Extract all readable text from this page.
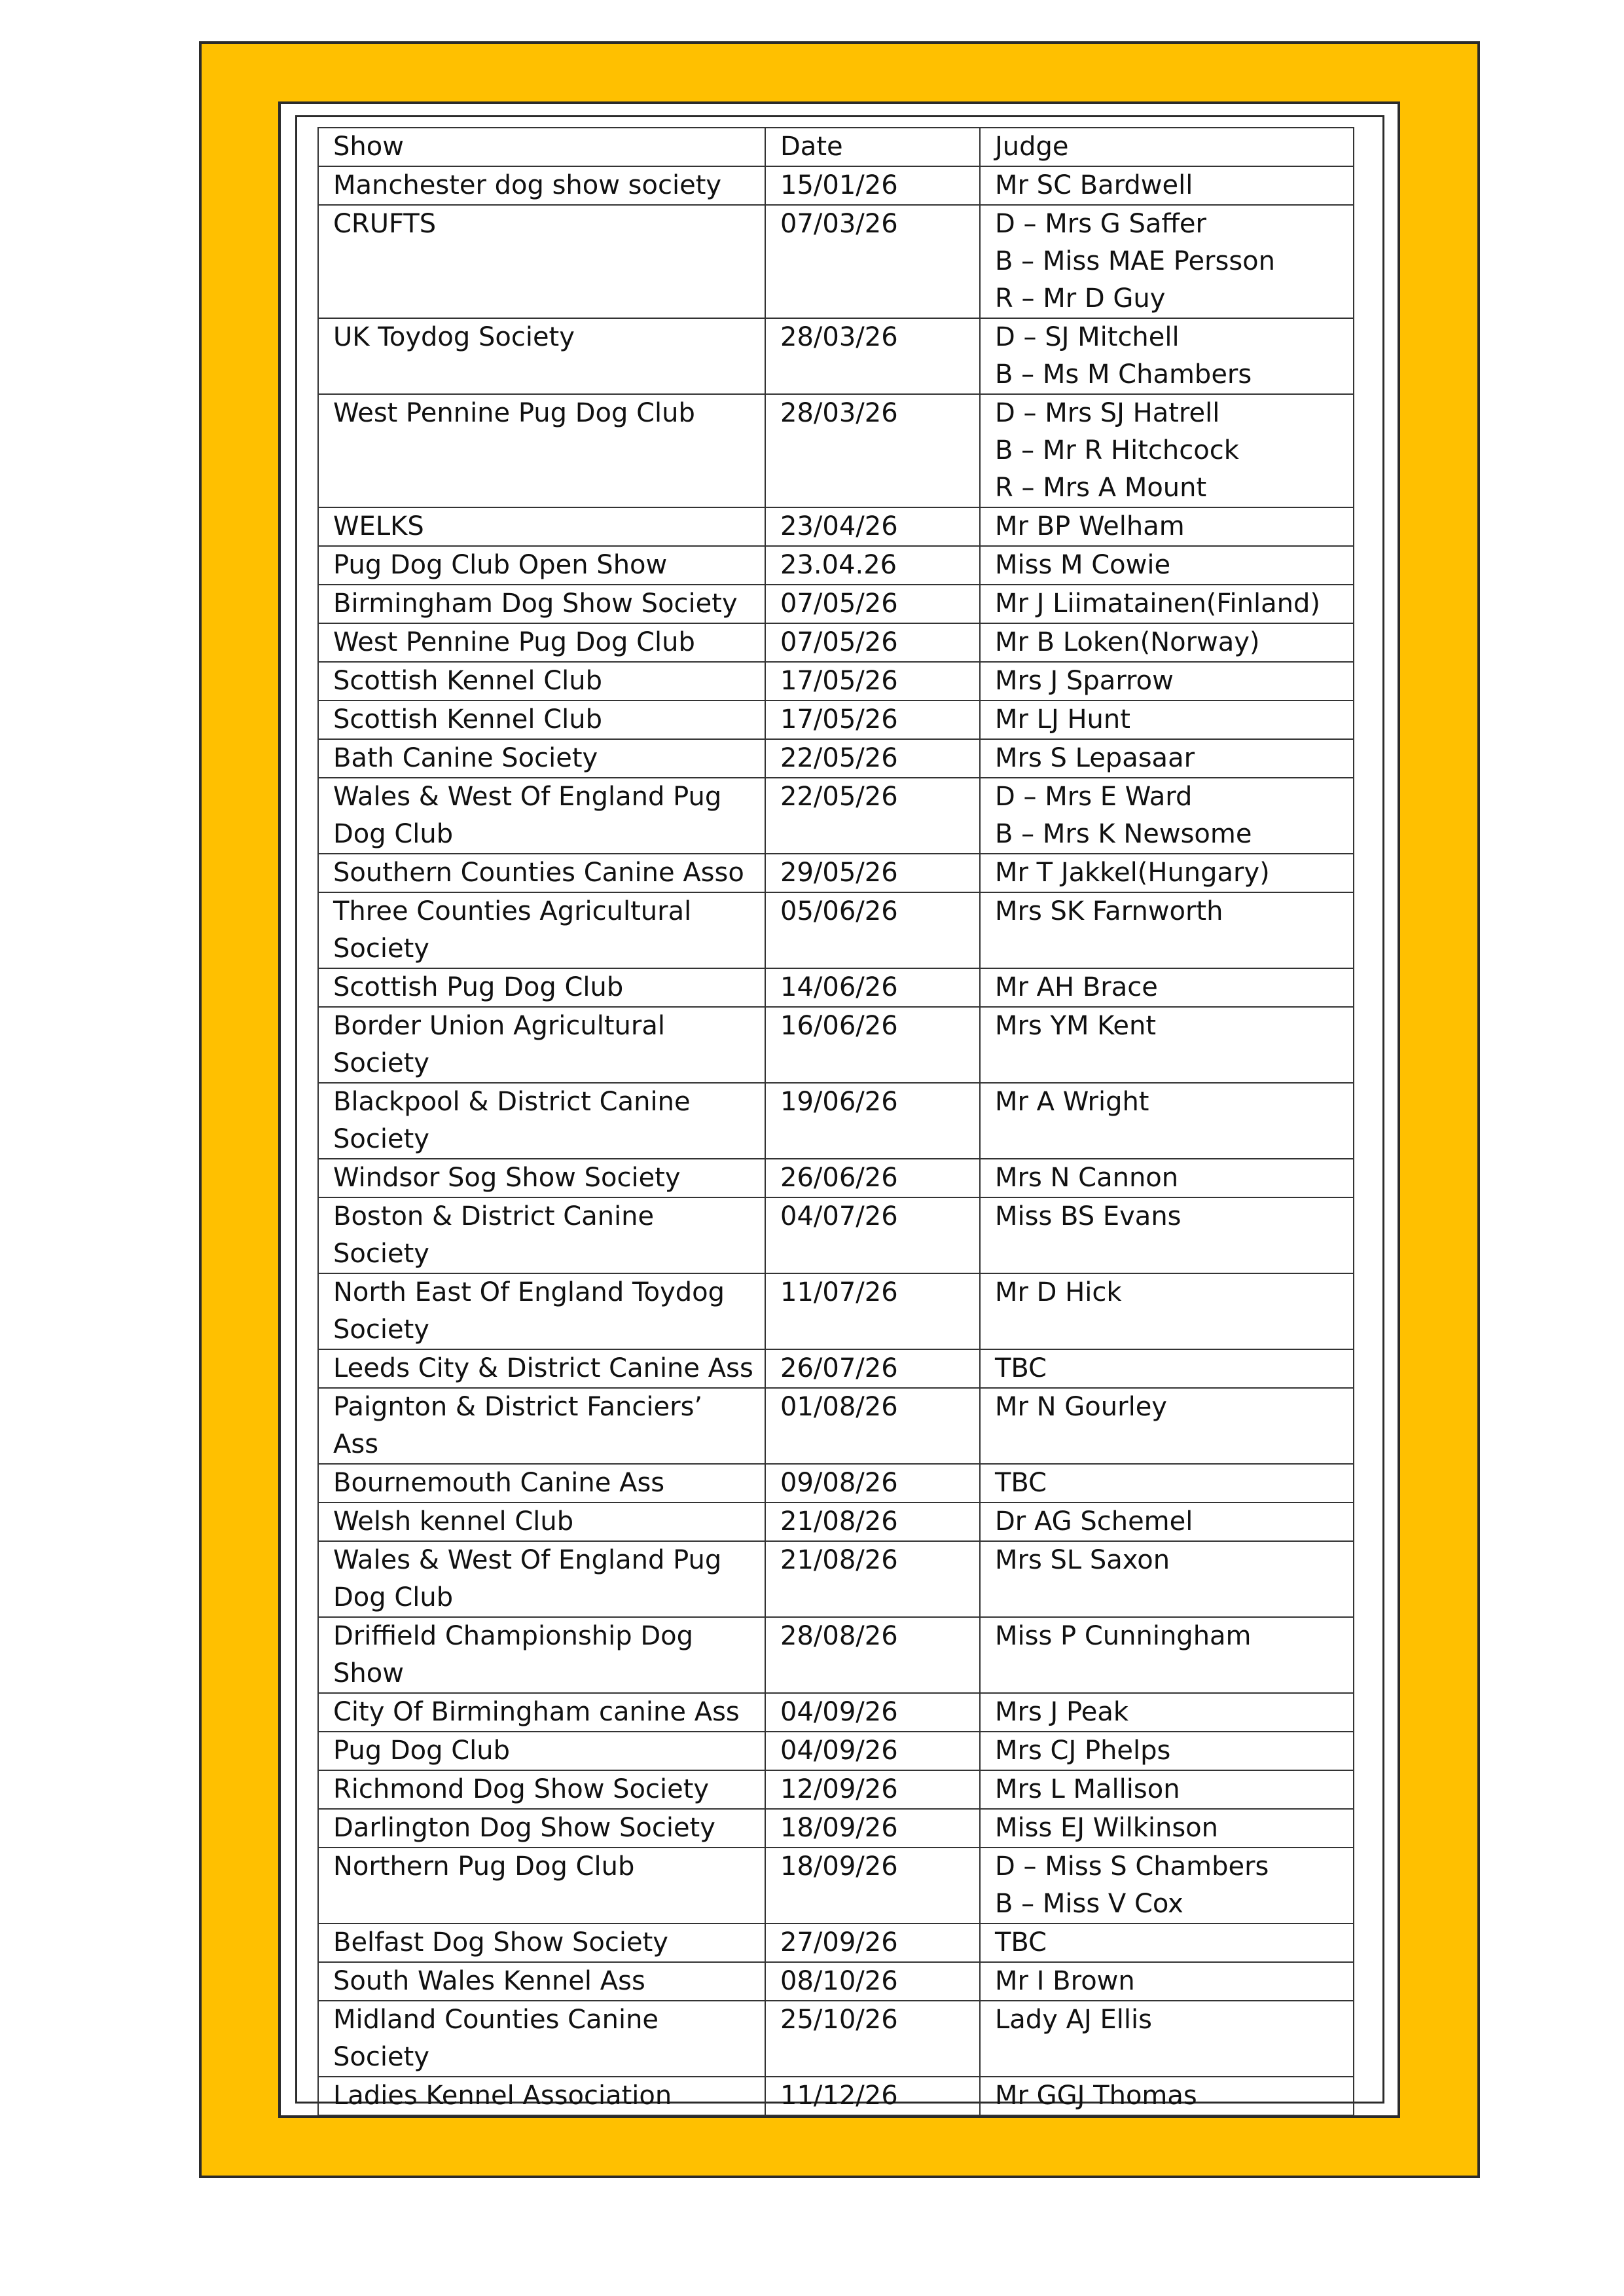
Show	Date	Judge

Manchester dog show society	15/01/26	Mr SC Bardwell

CRUFTS	07/03/26	D – Mrs G Saffer
B – Miss MAE Persson
R – Mr D Guy

UK Toydog Society	28/03/26	D – SJ Mitchell
B – Ms M Chambers

West Pennine Pug Dog Club	28/03/26	D – Mrs SJ Hatrell
B – Mr R Hitchcock
R – Mrs A Mount

WELKS	23/04/26	Mr BP Welham

Pug Dog Club Open Show	23.04.26	Miss M Cowie

Birmingham Dog Show Society	07/05/26	Mr J Liimatainen(Finland)

West Pennine Pug Dog Club	07/05/26	Mr B Loken(Norway)

Scottish Kennel Club	17/05/26	Mrs J Sparrow

Scottish Kennel Club	17/05/26	Mr LJ Hunt

Bath Canine Society	22/05/26	Mrs S Lepasaar

Wales & West Of England Pug
Dog Club	22/05/26	D – Mrs E Ward
B – Mrs K Newsome

Southern Counties Canine Asso	29/05/26	Mr T Jakkel(Hungary)

Three Counties Agricultural
Society	05/06/26	Mrs SK Farnworth

Scottish Pug Dog Club	14/06/26	Mr AH Brace

Border Union Agricultural
Society	16/06/26	Mrs YM Kent

Blackpool & District Canine
Society	19/06/26	Mr A Wright

Windsor Sog Show Society	26/06/26	Mrs N Cannon

Boston & District Canine
Society	04/07/26	Miss BS Evans

North East Of England Toydog
Society	11/07/26	Mr D Hick

Leeds City & District Canine Ass	26/07/26	TBC

Paignton & District Fanciers’
Ass	01/08/26	Mr N Gourley

Bournemouth Canine Ass	09/08/26	TBC

Welsh kennel Club	21/08/26	Dr AG Schemel

Wales & West Of England Pug
Dog Club	21/08/26	Mrs SL Saxon

Driffield Championship Dog
Show	28/08/26	Miss P Cunningham

City Of Birmingham canine Ass	04/09/26	Mrs J Peak

Pug Dog Club	04/09/26	Mrs CJ Phelps

Richmond Dog Show Society	12/09/26	Mrs L Mallison

Darlington Dog Show Society	18/09/26	Miss EJ Wilkinson

Northern Pug Dog Club	18/09/26	D – Miss S Chambers
B – Miss V Cox

Belfast Dog Show Society	27/09/26	TBC

South Wales Kennel Ass	08/10/26	Mr I Brown

Midland Counties Canine
Society	25/10/26	Lady AJ Ellis

Ladies Kennel Association	11/12/26	Mr GGJ Thomas
